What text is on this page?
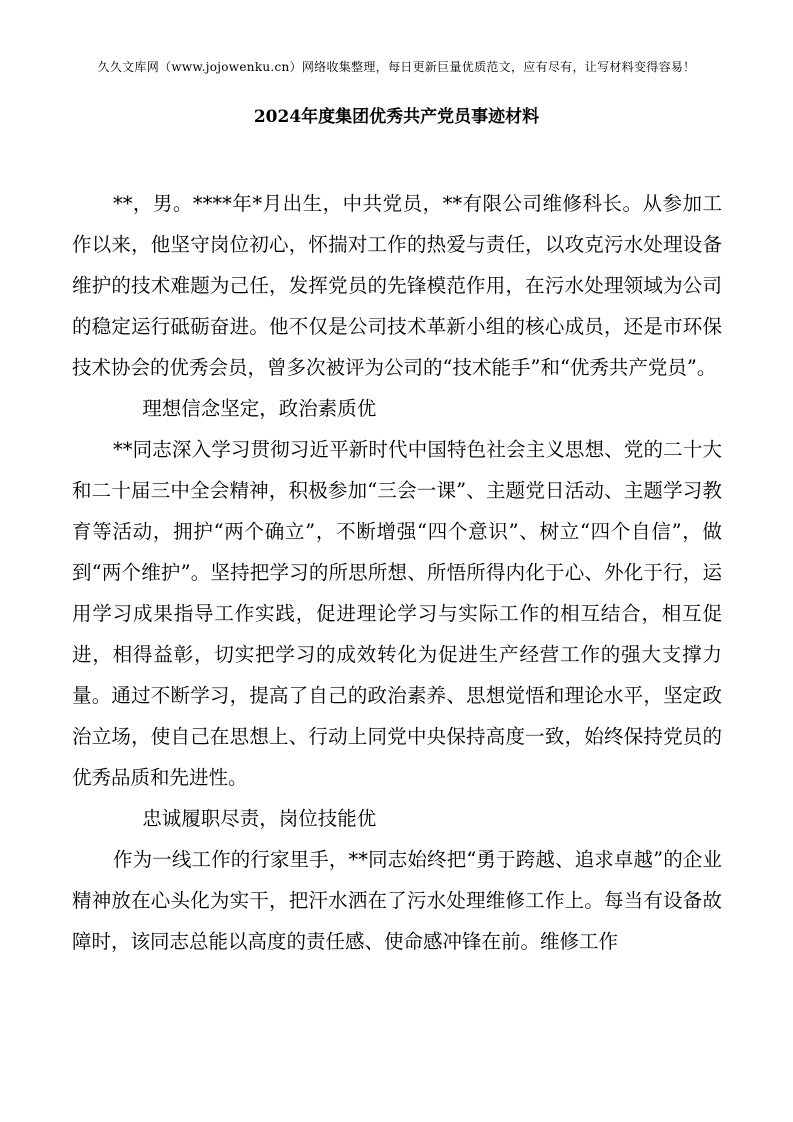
久久文库网（www.jojowenku.cn）网络收集整理，每日更新巨量优质范文，应有尽有，让写材料变得容易！
2024年度集团优秀共产党员事迹材料

**，男。****年*月出生，中共党员，**有限公司维修科长。从参加工作以来，他坚守岗位初心，怀揣对工作的热爱与责任，以攻克污水处理设备维护的技术难题为己任，发挥党员的先锋模范作用，在污水处理领域为公司的稳定运行砥砺奋进。他不仅是公司技术革新小组的核心成员，还是市环保技术协会的优秀会员，曾多次被评为公司的“技术能手”和“优秀共产党员”。

理想信念坚定，政治素质优

**同志深入学习贯彻习近平新时代中国特色社会主义思想、党的二十大和二十届三中全会精神，积极参加“三会一课”、主题党日活动、主题学习教育等活动，拥护“两个确立”，不断增强“四个意识”、树立“四个自信”，做到“两个维护”。坚持把学习的所思所想、所悟所得内化于心、外化于行，运用学习成果指导工作实践，促进理论学习与实际工作的相互结合，相互促进，相得益彰，切实把学习的成效转化为促进生产经营工作的强大支撑力量。通过不断学习，提高了自己的政治素养、思想觉悟和理论水平，坚定政治立场，使自己在思想上、行动上同党中央保持高度一致，始终保持党员的优秀品质和先进性。

忠诚履职尽责，岗位技能优

作为一线工作的行家里手，**同志始终把“勇于跨越、追求卓越”的企业精神放在心头化为实干，把汗水洒在了污水处理维修工作上。每当有设备故障时，该同志总能以高度的责任感、使命感冲锋在前。维修工作
